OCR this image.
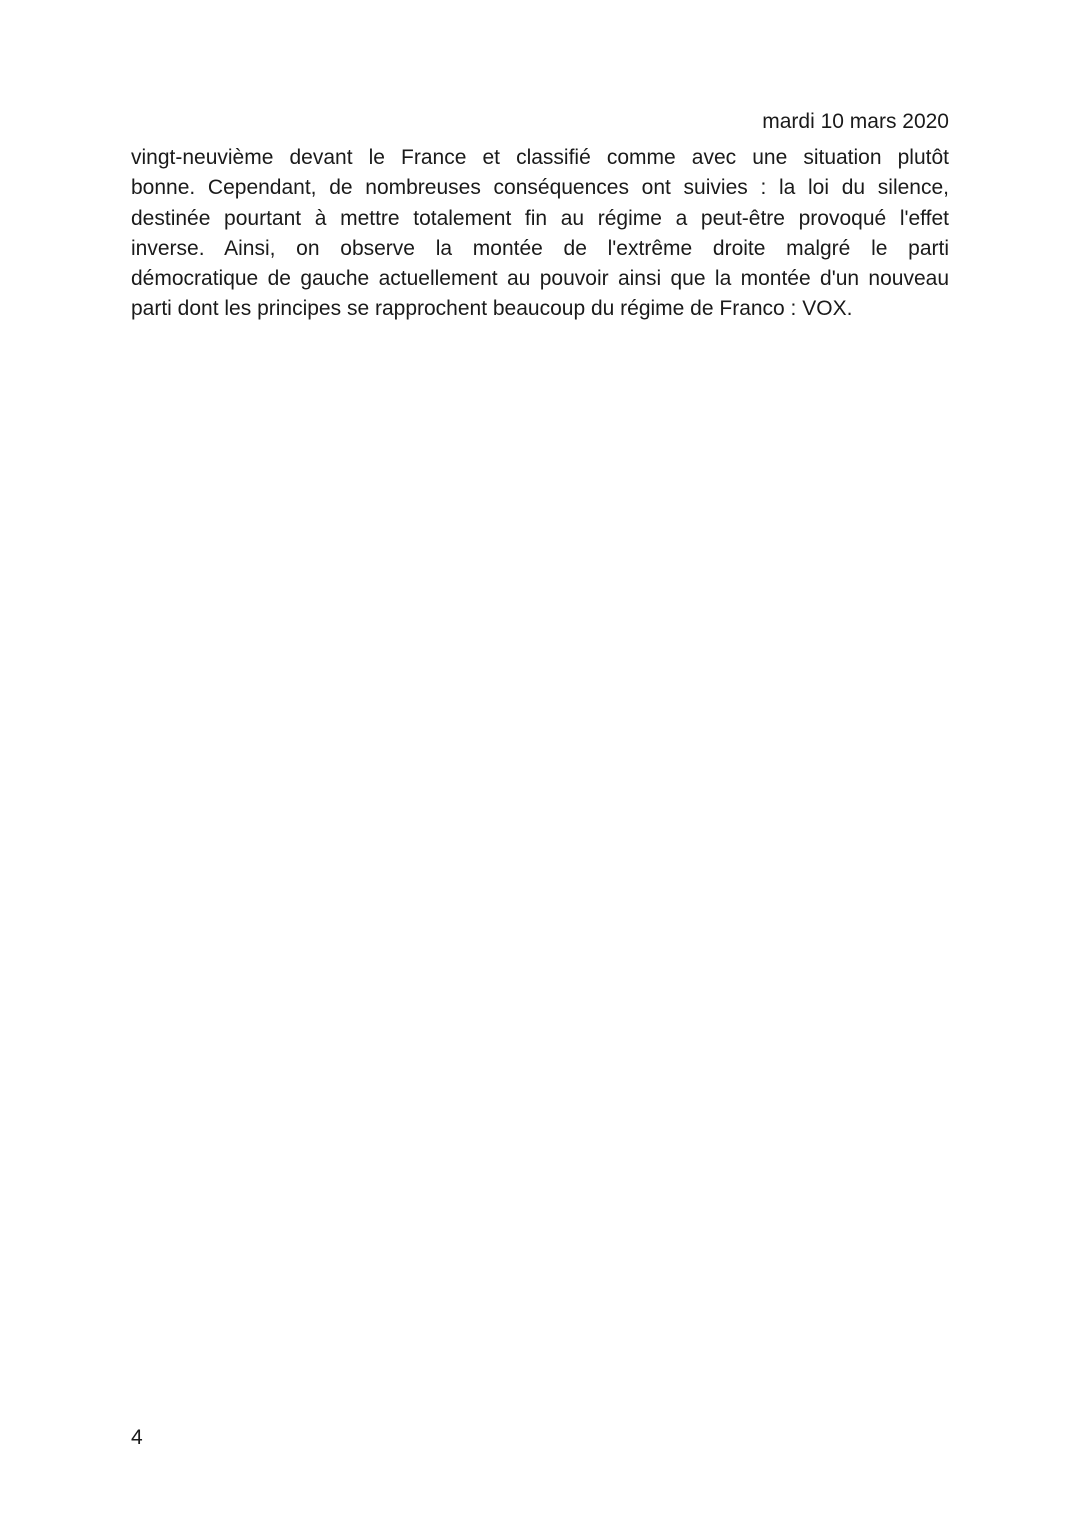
mardi 10 mars 2020
vingt-neuvième devant le France et classifié comme avec une situation plutôt
bonne. Cependant, de nombreuses conséquences ont suivies : la loi du silence,
destinée pourtant à mettre totalement fin au régime a peut-être provoqué l'effet
inverse. Ainsi, on observe la montée de l'extrême droite malgré le parti
démocratique de gauche actuellement au pouvoir ainsi que la montée d'un nouveau
parti dont les principes se rapprochent beaucoup du régime de Franco : VOX.
4
